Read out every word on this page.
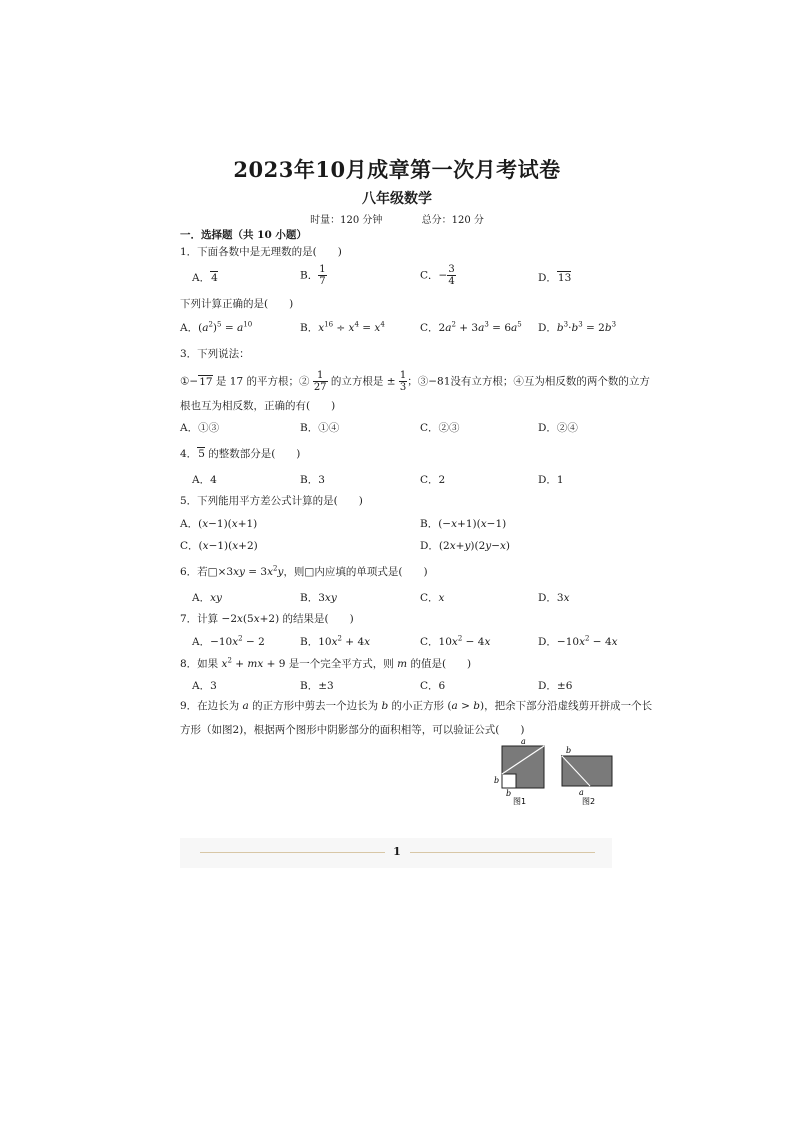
2023年10月成章第一次月考试卷
八年级数学
时量：120 分钟	总分：120 分
一．选择题（共 10 小题）
1．下面各数中是无理数的是(　　)
A．4	B． $\frac{1}{7}$	C．− $\frac{3}{4}$	D．13
下列计算正确的是(　　)
A．$(a^2)^5 = a^{10}$	B．$x^{16} \div x^4 = x^4$	C．$2a^2 + 3a^3 = 6a^5$ D．$b^3\cdot b^3 = 2b^3$
3．下列说法：
①−17 是 17 的平方根；② $\frac{1}{27}$ 的立方根是 ± $\frac{1}{3}$ ；③−81没有立方根；④互为相反数的两个数的立方
根也互为相反数，正确的有(　　)
A．①③	B．①④	C．②③	D．②④
4．5 的整数部分是(　　)
A．4	B．3	C．2	D．1
5．下列能用平方差公式计算的是(　　)
A．(x−1)(x+1)	B．(−x+1)(x−1)
C．(x−1)(x+2)	D．(2x+y)(2y−x)
6．若□×3xy = $3x^2y$，则□内应填的单项式是(　　)
A．xy	B．3xy	C．x	D．3x
7．计算 −2x(5x+2) 的结果是(　　)
A．$-10x^2 - 2$	B．$10x^2 + 4x$	C．$10x^2 - 4x$	D．$-10x^2 - 4x$
8．如果 $x^2$ + mx + 9 是一个完全平方式，则 m 的值是(　　)
A．3	B．±3	C．6	D．±6
9．在边长为 a 的正方形中剪去一个边长为 b 的小正方形 (a > b)，把余下部分沿虚线剪开拼成一个长
方形（如图2)，根据两个图形中阴影部分的面积相等，可以验证公式(　　)
a
b
b
图1
b
a
图2
1
